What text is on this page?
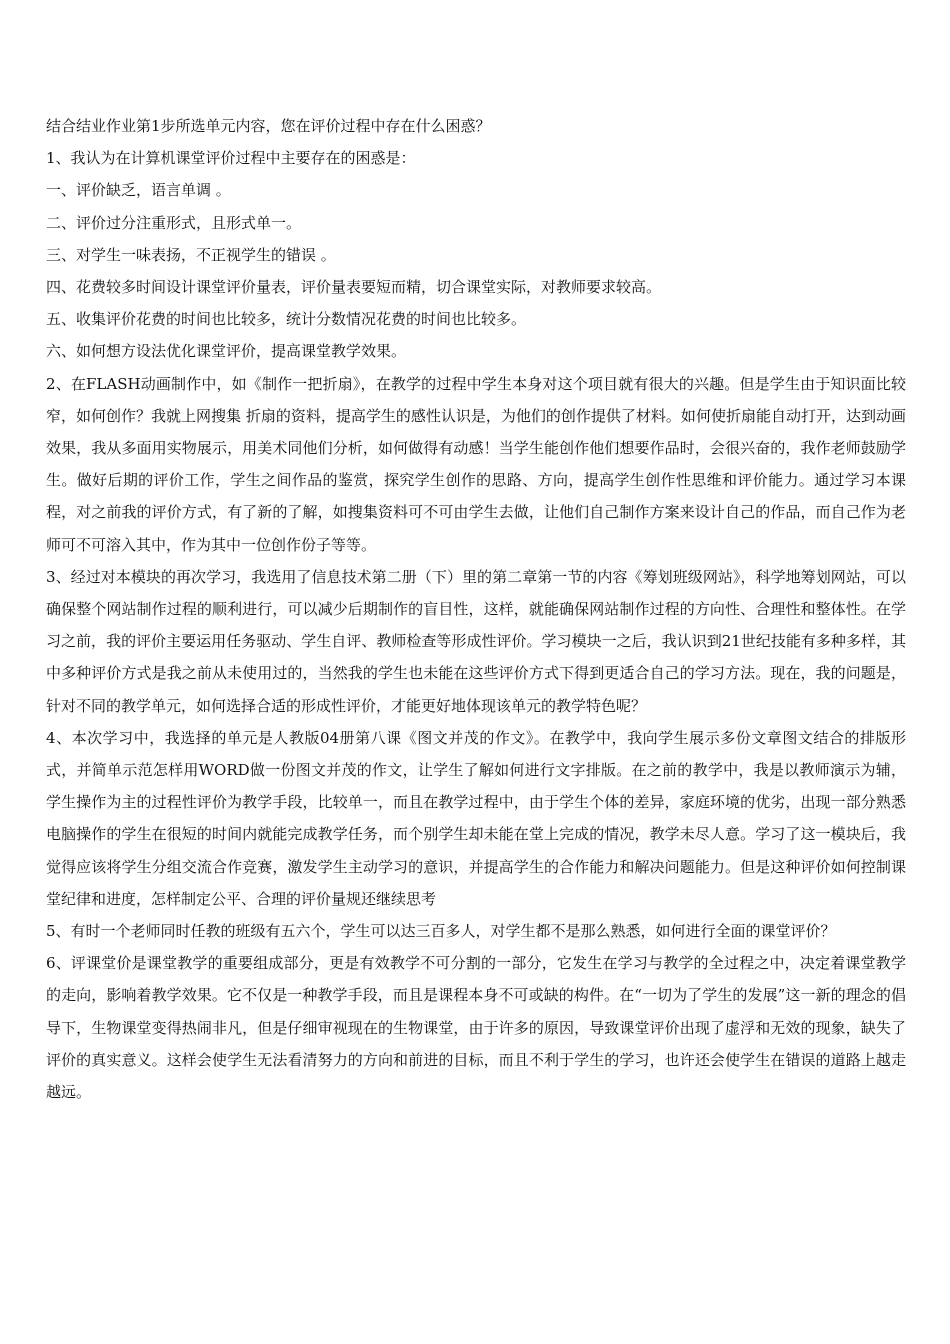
结合结业作业第1步所选单元内容，您在评价过程中存在什么困惑？

1、我认为在计算机课堂评价过程中主要存在的困惑是：

一、评价缺乏，语言单调 。

二、评价过分注重形式，且形式单一。

三、对学生一味表扬，不正视学生的错误 。

四、花费较多时间设计课堂评价量表，评价量表要短而精，切合课堂实际，对教师要求较高。

五、收集评价花费的时间也比较多，统计分数情况花费的时间也比较多。

六、如何想方设法优化课堂评价，提高课堂教学效果。

2、在FLASH动画制作中，如《制作一把折扇》，在教学的过程中学生本身对这个项目就有很大的兴趣。但是学生由于知识面比较窄，如何创作？我就上网搜集 折扇的资料，提高学生的感性认识是，为他们的创作提供了材料。如何使折扇能自动打开，达到动画效果，我从多面用实物展示，用美术同他们分析，如何做得有动感！当学生能创作他们想要作品时，会很兴奋的，我作老师鼓励学生。做好后期的评价工作，学生之间作品的鉴赏，探究学生创作的思路、方向，提高学生创作性思维和评价能力。通过学习本课程，对之前我的评价方式，有了新的了解，如搜集资料可不可由学生去做，让他们自己制作方案来设计自己的作品，而自己作为老师可不可溶入其中，作为其中一位创作份子等等。

3、经过对本模块的再次学习，我选用了信息技术第二册（下）里的第二章第一节的内容《筹划班级网站》，科学地筹划网站，可以确保整个网站制作过程的顺利进行，可以减少后期制作的盲目性，这样，就能确保网站制作过程的方向性、合理性和整体性。在学习之前，我的评价主要运用任务驱动、学生自评、教师检查等形成性评价。学习模块一之后，我认识到21世纪技能有多种多样，其中多种评价方式是我之前从未使用过的，当然我的学生也未能在这些评价方式下得到更适合自己的学习方法。现在，我的问题是，针对不同的教学单元，如何选择合适的形成性评价，才能更好地体现该单元的教学特色呢？

4、本次学习中，我选择的单元是人教版04册第八课《图文并茂的作文》。在教学中，我向学生展示多份文章图文结合的排版形式，并简单示范怎样用WORD做一份图文并茂的作文，让学生了解如何进行文字排版。在之前的教学中，我是以教师演示为辅，学生操作为主的过程性评价为教学手段，比较单一，而且在教学过程中，由于学生个体的差异，家庭环境的优劣，出现一部分熟悉电脑操作的学生在很短的时间内就能完成教学任务，而个别学生却未能在堂上完成的情况，教学未尽人意。学习了这一模块后，我觉得应该将学生分组交流合作竞赛，激发学生主动学习的意识，并提高学生的合作能力和解决问题能力。但是这种评价如何控制课堂纪律和进度，怎样制定公平、合理的评价量规还继续思考

5、有时一个老师同时任教的班级有五六个，学生可以达三百多人，对学生都不是那么熟悉，如何进行全面的课堂评价？

6、评课堂价是课堂教学的重要组成部分，更是有效教学不可分割的一部分，它发生在学习与教学的全过程之中，决定着课堂教学的走向，影响着教学效果。它不仅是一种教学手段，而且是课程本身不可或缺的构件。在“一切为了学生的发展”这一新的理念的倡导下，生物课堂变得热闹非凡，但是仔细审视现在的生物课堂，由于许多的原因，导致课堂评价出现了虚浮和无效的现象，缺失了评价的真实意义。这样会使学生无法看清努力的方向和前进的目标，而且不利于学生的学习，也许还会使学生在错误的道路上越走越远。
